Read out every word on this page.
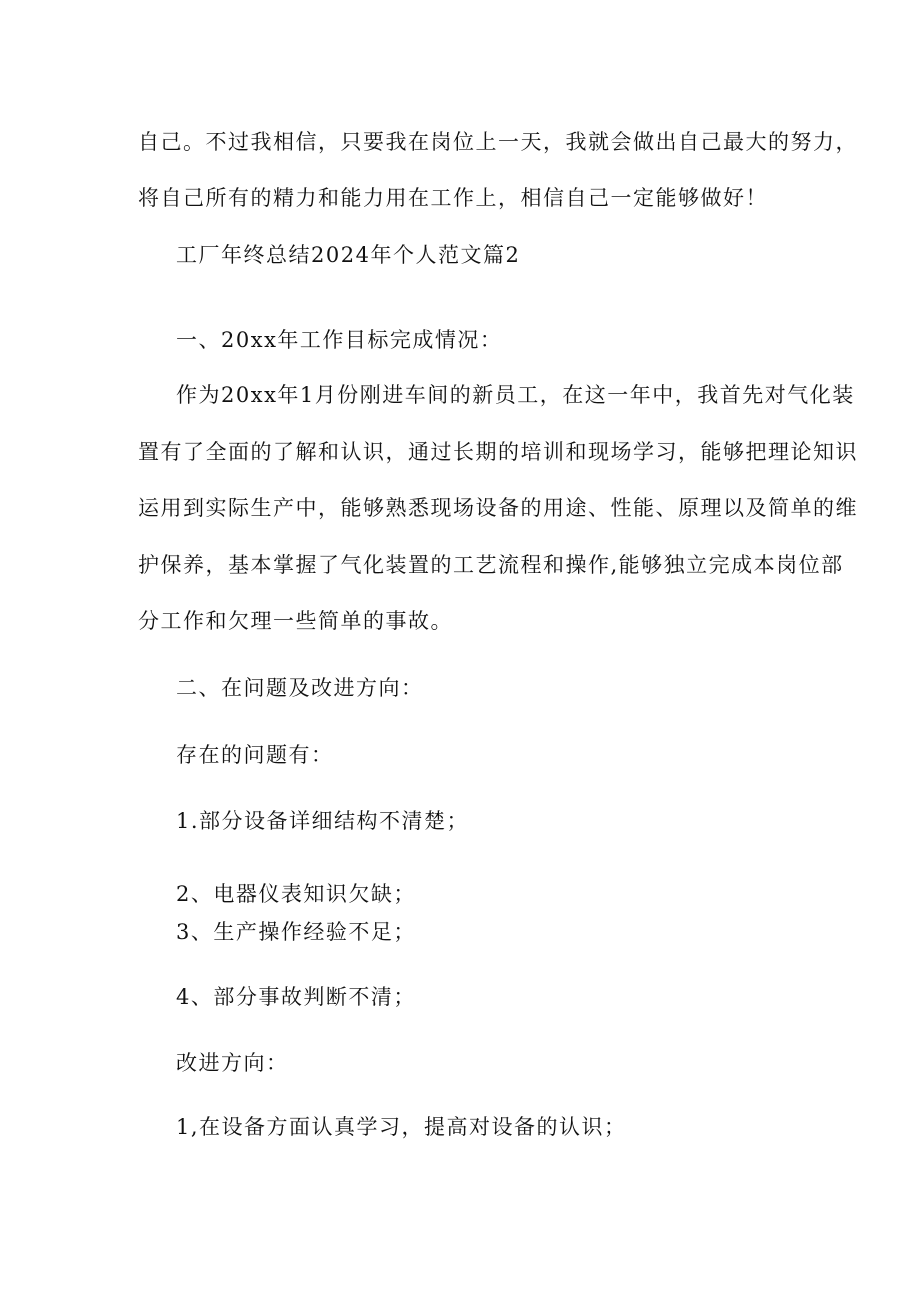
自己。不过我相信，只要我在岗位上一天，我就会做出自己最大的努力，
将自己所有的精力和能力用在工作上，相信自己一定能够做好！
工厂年终总结2024年个人范文篇2
一、20xx年工作目标完成情况：
作为20xx年1月份刚进车间的新员工，在这一年中，我首先对气化装
置有了全面的了解和认识，通过长期的培训和现场学习，能够把理论知识
运用到实际生产中，能够熟悉现场设备的用途、性能、原理以及简单的维
护保养，基本掌握了气化装置的工艺流程和操作,能够独立完成本岗位部
分工作和欠理一些简单的事故。
二、在问题及改进方向：
存在的问题有：
1.部分设备详细结构不清楚；
2、电器仪表知识欠缺；
3、生产操作经验不足；
4、部分事故判断不清；
改进方向：
1,在设备方面认真学习，提高对设备的认识；
